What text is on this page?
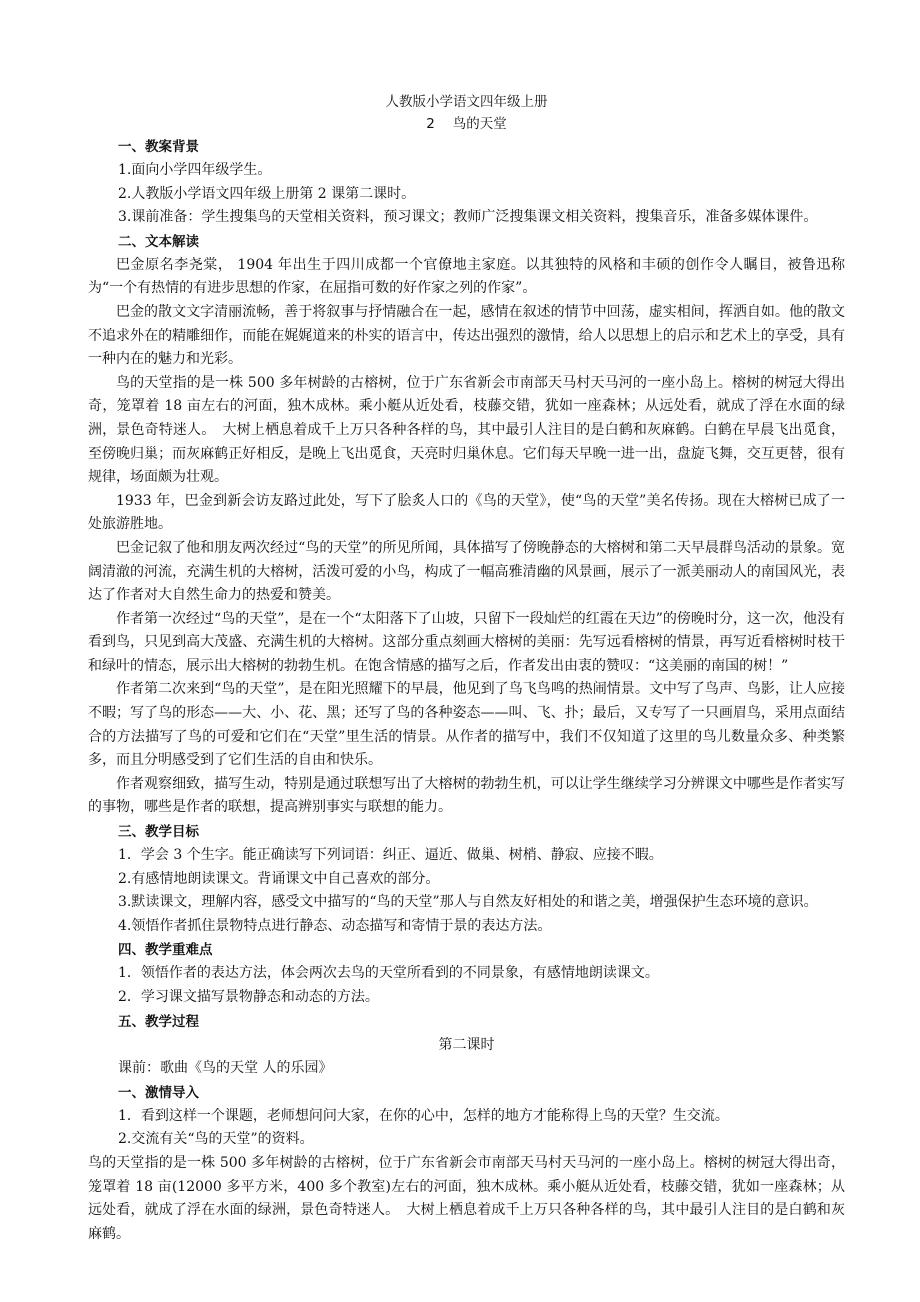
人教版小学语文四年级上册

2 鸟的天堂

一、教案背景

1.面向小学四年级学生。

2.人教版小学语文四年级上册第 2 课第二课时。

3.课前准备：学生搜集鸟的天堂相关资料，预习课文；教师广泛搜集课文相关资料，搜集音乐，准备多媒体课件。

二、文本解读

巴金原名李尧棠， 1904 年出生于四川成都一个官僚地主家庭。以其独特的风格和丰硕的创作令人瞩目，被鲁迅称为“一个有热情的有进步思想的作家，在屈指可数的好作家之列的作家”。

巴金的散文文字清丽流畅，善于将叙事与抒情融合在一起，感情在叙述的情节中回荡，虚实相间，挥洒自如。他的散文不追求外在的精雕细作，而能在娓娓道来的朴实的语言中，传达出强烈的激情，给人以思想上的启示和艺术上的享受，具有一种内在的魅力和光彩。

鸟的天堂指的是一株 500 多年树龄的古榕树，位于广东省新会市南部天马村天马河的一座小岛上。榕树的树冠大得出奇，笼罩着 18 亩左右的河面，独木成林。乘小艇从近处看，枝藤交错，犹如一座森林；从远处看，就成了浮在水面的绿洲，景色奇特迷人。　大树上栖息着成千上万只各种各样的鸟，其中最引人注目的是白鹤和灰麻鹤。白鹤在早晨飞出觅食，至傍晚归巢；而灰麻鹤正好相反，是晚上飞出觅食，天亮时归巢休息。它们每天早晚一进一出，盘旋飞舞，交互更替，很有规律，场面颇为壮观。

1933 年，巴金到新会访友路过此处，写下了脍炙人口的《鸟的天堂》，使“鸟的天堂”美名传扬。现在大榕树已成了一处旅游胜地。

巴金记叙了他和朋友两次经过“鸟的天堂”的所见所闻，具体描写了傍晚静态的大榕树和第二天早晨群鸟活动的景象。宽阔清澈的河流，充满生机的大榕树，活泼可爱的小鸟，构成了一幅高雅清幽的风景画，展示了一派美丽动人的南国风光，表达了作者对大自然生命力的热爱和赞美。

作者第一次经过“鸟的天堂”，是在一个“太阳落下了山坡，只留下一段灿烂的红霞在天边”的傍晚时分，这一次，他没有看到鸟，只见到高大茂盛、充满生机的大榕树。这部分重点刻画大榕树的美丽：先写远看榕树的情景，再写近看榕树时枝干和绿叶的情态，展示出大榕树的勃勃生机。在饱含情感的描写之后，作者发出由衷的赞叹：“这美丽的南国的树！”

作者第二次来到“鸟的天堂”，是在阳光照耀下的早晨，他见到了鸟飞鸟鸣的热闹情景。文中写了鸟声、鸟影，让人应接不暇；写了鸟的形态——大、小、花、黑；还写了鸟的各种姿态——叫、飞、扑；最后，又专写了一只画眉鸟，采用点面结合的方法描写了鸟的可爱和它们在“天堂”里生活的情景。从作者的描写中，我们不仅知道了这里的鸟儿数量众多、种类繁多，而且分明感受到了它们生活的自由和快乐。

作者观察细致，描写生动，特别是通过联想写出了大榕树的勃勃生机，可以让学生继续学习分辨课文中哪些是作者实写的事物，哪些是作者的联想，提高辨别事实与联想的能力。

三、教学目标

1．学会 3 个生字。能正确读写下列词语：纠正、逼近、做巢、树梢、静寂、应接不暇。

2.有感情地朗读课文。背诵课文中自己喜欢的部分。

3.默读课文，理解内容，感受文中描写的“鸟的天堂”那人与自然友好相处的和谐之美，增强保护生态环境的意识。

4.领悟作者抓住景物特点进行静态、动态描写和寄情于景的表达方法。

四、教学重难点

1．领悟作者的表达方法，体会两次去鸟的天堂所看到的不同景象，有感情地朗读课文。

2．学习课文描写景物静态和动态的方法。

五、教学过程

第二课时

课前：歌曲《鸟的天堂 人的乐园》

一、激情导入

1．看到这样一个课题，老师想问问大家，在你的心中，怎样的地方才能称得上鸟的天堂？生交流。

2.交流有关“鸟的天堂”的资料。

鸟的天堂指的是一株 500 多年树龄的古榕树，位于广东省新会市南部天马村天马河的一座小岛上。榕树的树冠大得出奇，笼罩着 18 亩(12000 多平方米，400 多个教室)左右的河面，独木成林。乘小艇从近处看，枝藤交错，犹如一座森林；从远处看，就成了浮在水面的绿洲，景色奇特迷人。　大树上栖息着成千上万只各种各样的鸟，其中最引人注目的是白鹤和灰麻鹤。
